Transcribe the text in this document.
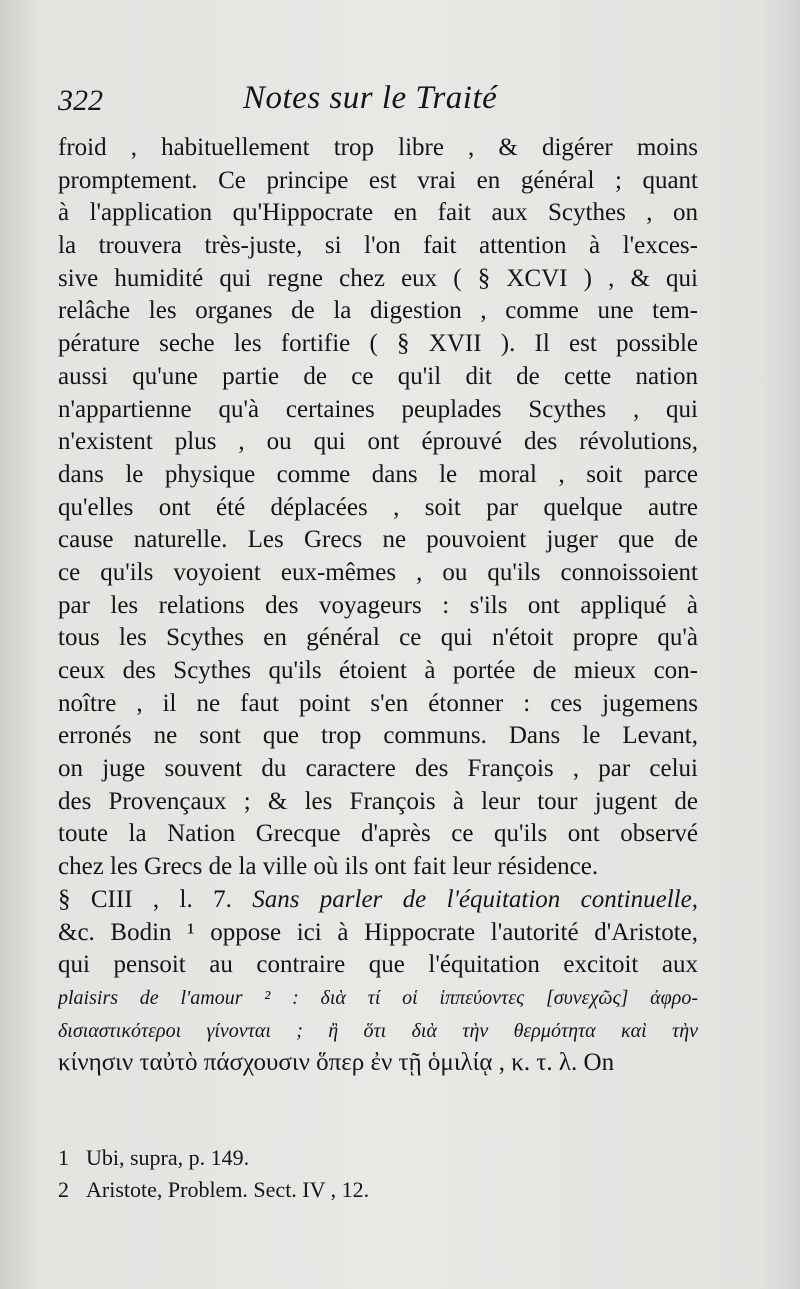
322	Notes sur le Traité
froid , habituellement trop libre , & digérer moins
promptement. Ce principe est vrai en général ; quant
à l'application qu'Hippocrate en fait aux Scythes , on
la trouvera très-juste, si l'on fait attention à l'exces-
sive humidité qui regne chez eux ( § XCVI ) , & qui
relâche les organes de la digestion , comme une tem-
pérature seche les fortifie ( § XVII ). Il est possible
aussi qu'une partie de ce qu'il dit de cette nation
n'appartienne qu'à certaines peuplades Scythes , qui
n'existent plus , ou qui ont éprouvé des révolutions,
dans le physique comme dans le moral , soit parce
qu'elles ont été déplacées , soit par quelque autre
cause naturelle. Les Grecs ne pouvoient juger que de
ce qu'ils voyoient eux-mêmes , ou qu'ils connoissoient
par les relations des voyageurs : s'ils ont appliqué à
tous les Scythes en général ce qui n'étoit propre qu'à
ceux des Scythes qu'ils étoient à portée de mieux con-
noître , il ne faut point s'en étonner : ces jugemens
erronés ne sont que trop communs. Dans le Levant,
on juge souvent du caractere des François , par celui
des Provençaux ; & les François à leur tour jugent de
toute la Nation Grecque d'après ce qu'ils ont observé
chez les Grecs de la ville où ils ont fait leur résidence.
§ CIII , l. 7. Sans parler de l'équitation continuelle,
&c. Bodin ¹ oppose ici à Hippocrate l'autorité d'Aristote,
qui pensoit au contraire que l'équitation excitoit aux
plaisirs de l'amour ² : διὰ τί οἱ ἱππεύοντες [συνεχῶς] ἀφρο-
δισιαστικότεροι γίνονται ; ἢ ὅτι διὰ τὴν θερμότητα καὶ τὴν
κίνησιν ταὐτὸ πάσχουσιν ὅπερ ἐν τῇ ὁμιλίᾳ , κ. τ. λ. On
1 Ubi, supra, p. 149.
2 Aristote, Problem. Sect. IV , 12.
